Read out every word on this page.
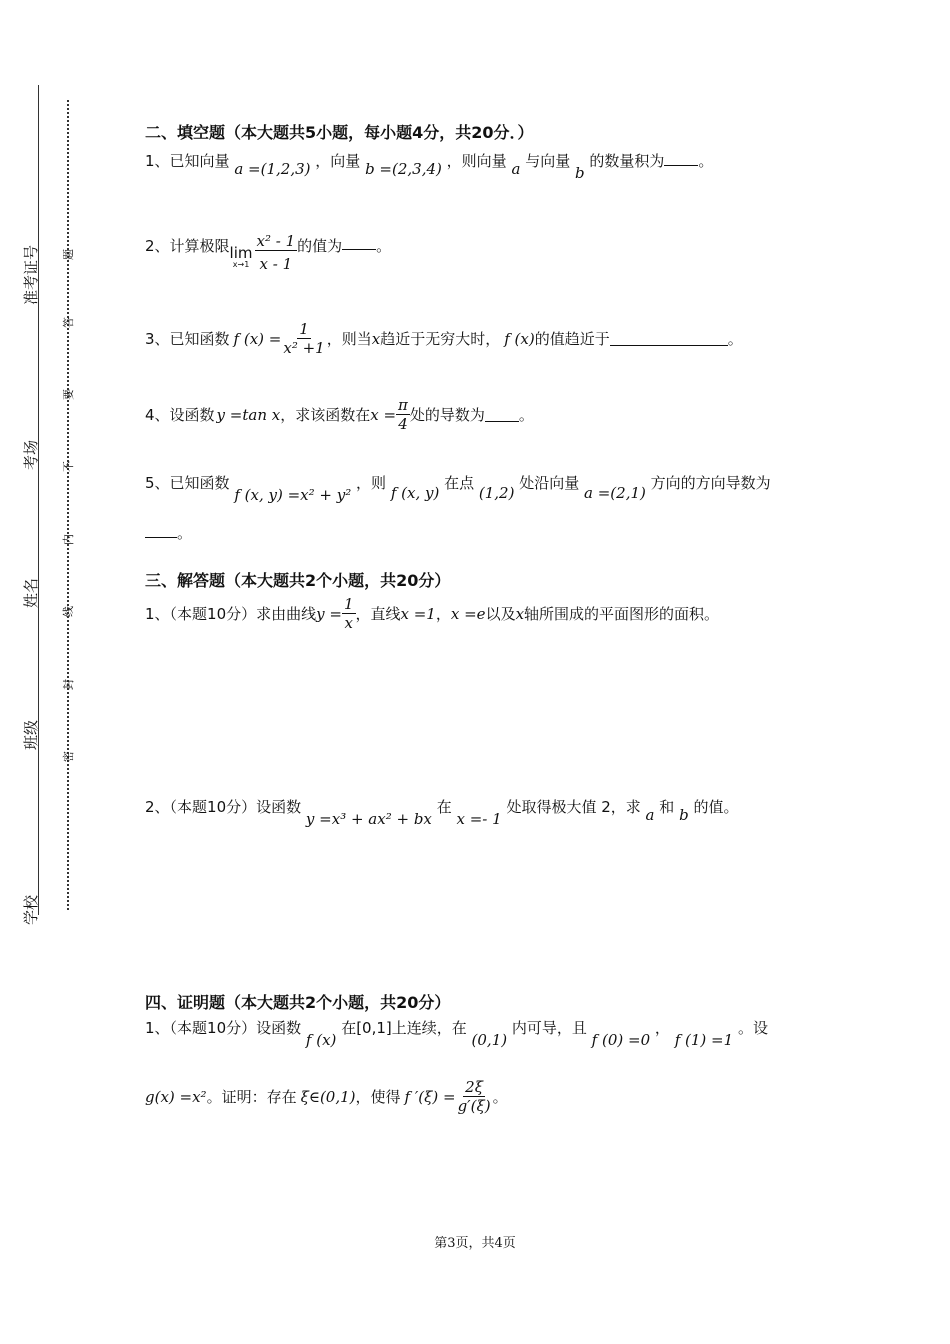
准考证号
考场
姓名
班级
学校
题
答
要
不
内
线
封
密
二、填空题（本大题共5小题，每小题4分，共20分．）
1、已知向量 a =(1,2,3) ，向量 b =(2,3,4) ，则向量 a 与向量 b 的数量积为 。
2、计算极限 lim
$x\to 1 \frac{\text{x² - 1}}{x - 1}$ 的值为 。
3、已知函数 f $(x) = \frac{1}{\text{x² +1}}$ ，则当 x 趋近于无穷大时， f (x) 的值趋近于	。
4、设函数 y =tan x ，求该函数在 $x = \frac{\pi}{4}$ 处的导数为 。
5、已知函数 f (x, y) =x² + y² ，则 f (x, y) 在点 (1,2) 处沿向量 a =(2,1) 方向的方向导数为
。
三、解答题（本大题共2个小题，共20分）
1、（本题10分）求由曲线 $y = \frac{1}{x}$ ，直线 x =1 ， x =e 以及 x 轴所围成的平面图形的面积。
2、（本题10分）设函数 y =x³ + ax² + bx 在 x =- 1 处取得极大值 2，求 a 和 b 的值。
四、证明题（本大题共2个小题，共20分）
1、（本题10分）设函数 f (x) 在[0,1]上连续，在 (0,1) 内可导，且 f (0) =0 ， f (1) =1 。设
g(x) =x² 。证明：存在 ξ∈(0,1) ，使得 f $'(\xi) = \frac{2\xi}{g'(\xi)}$ 。
第3页，共4页
